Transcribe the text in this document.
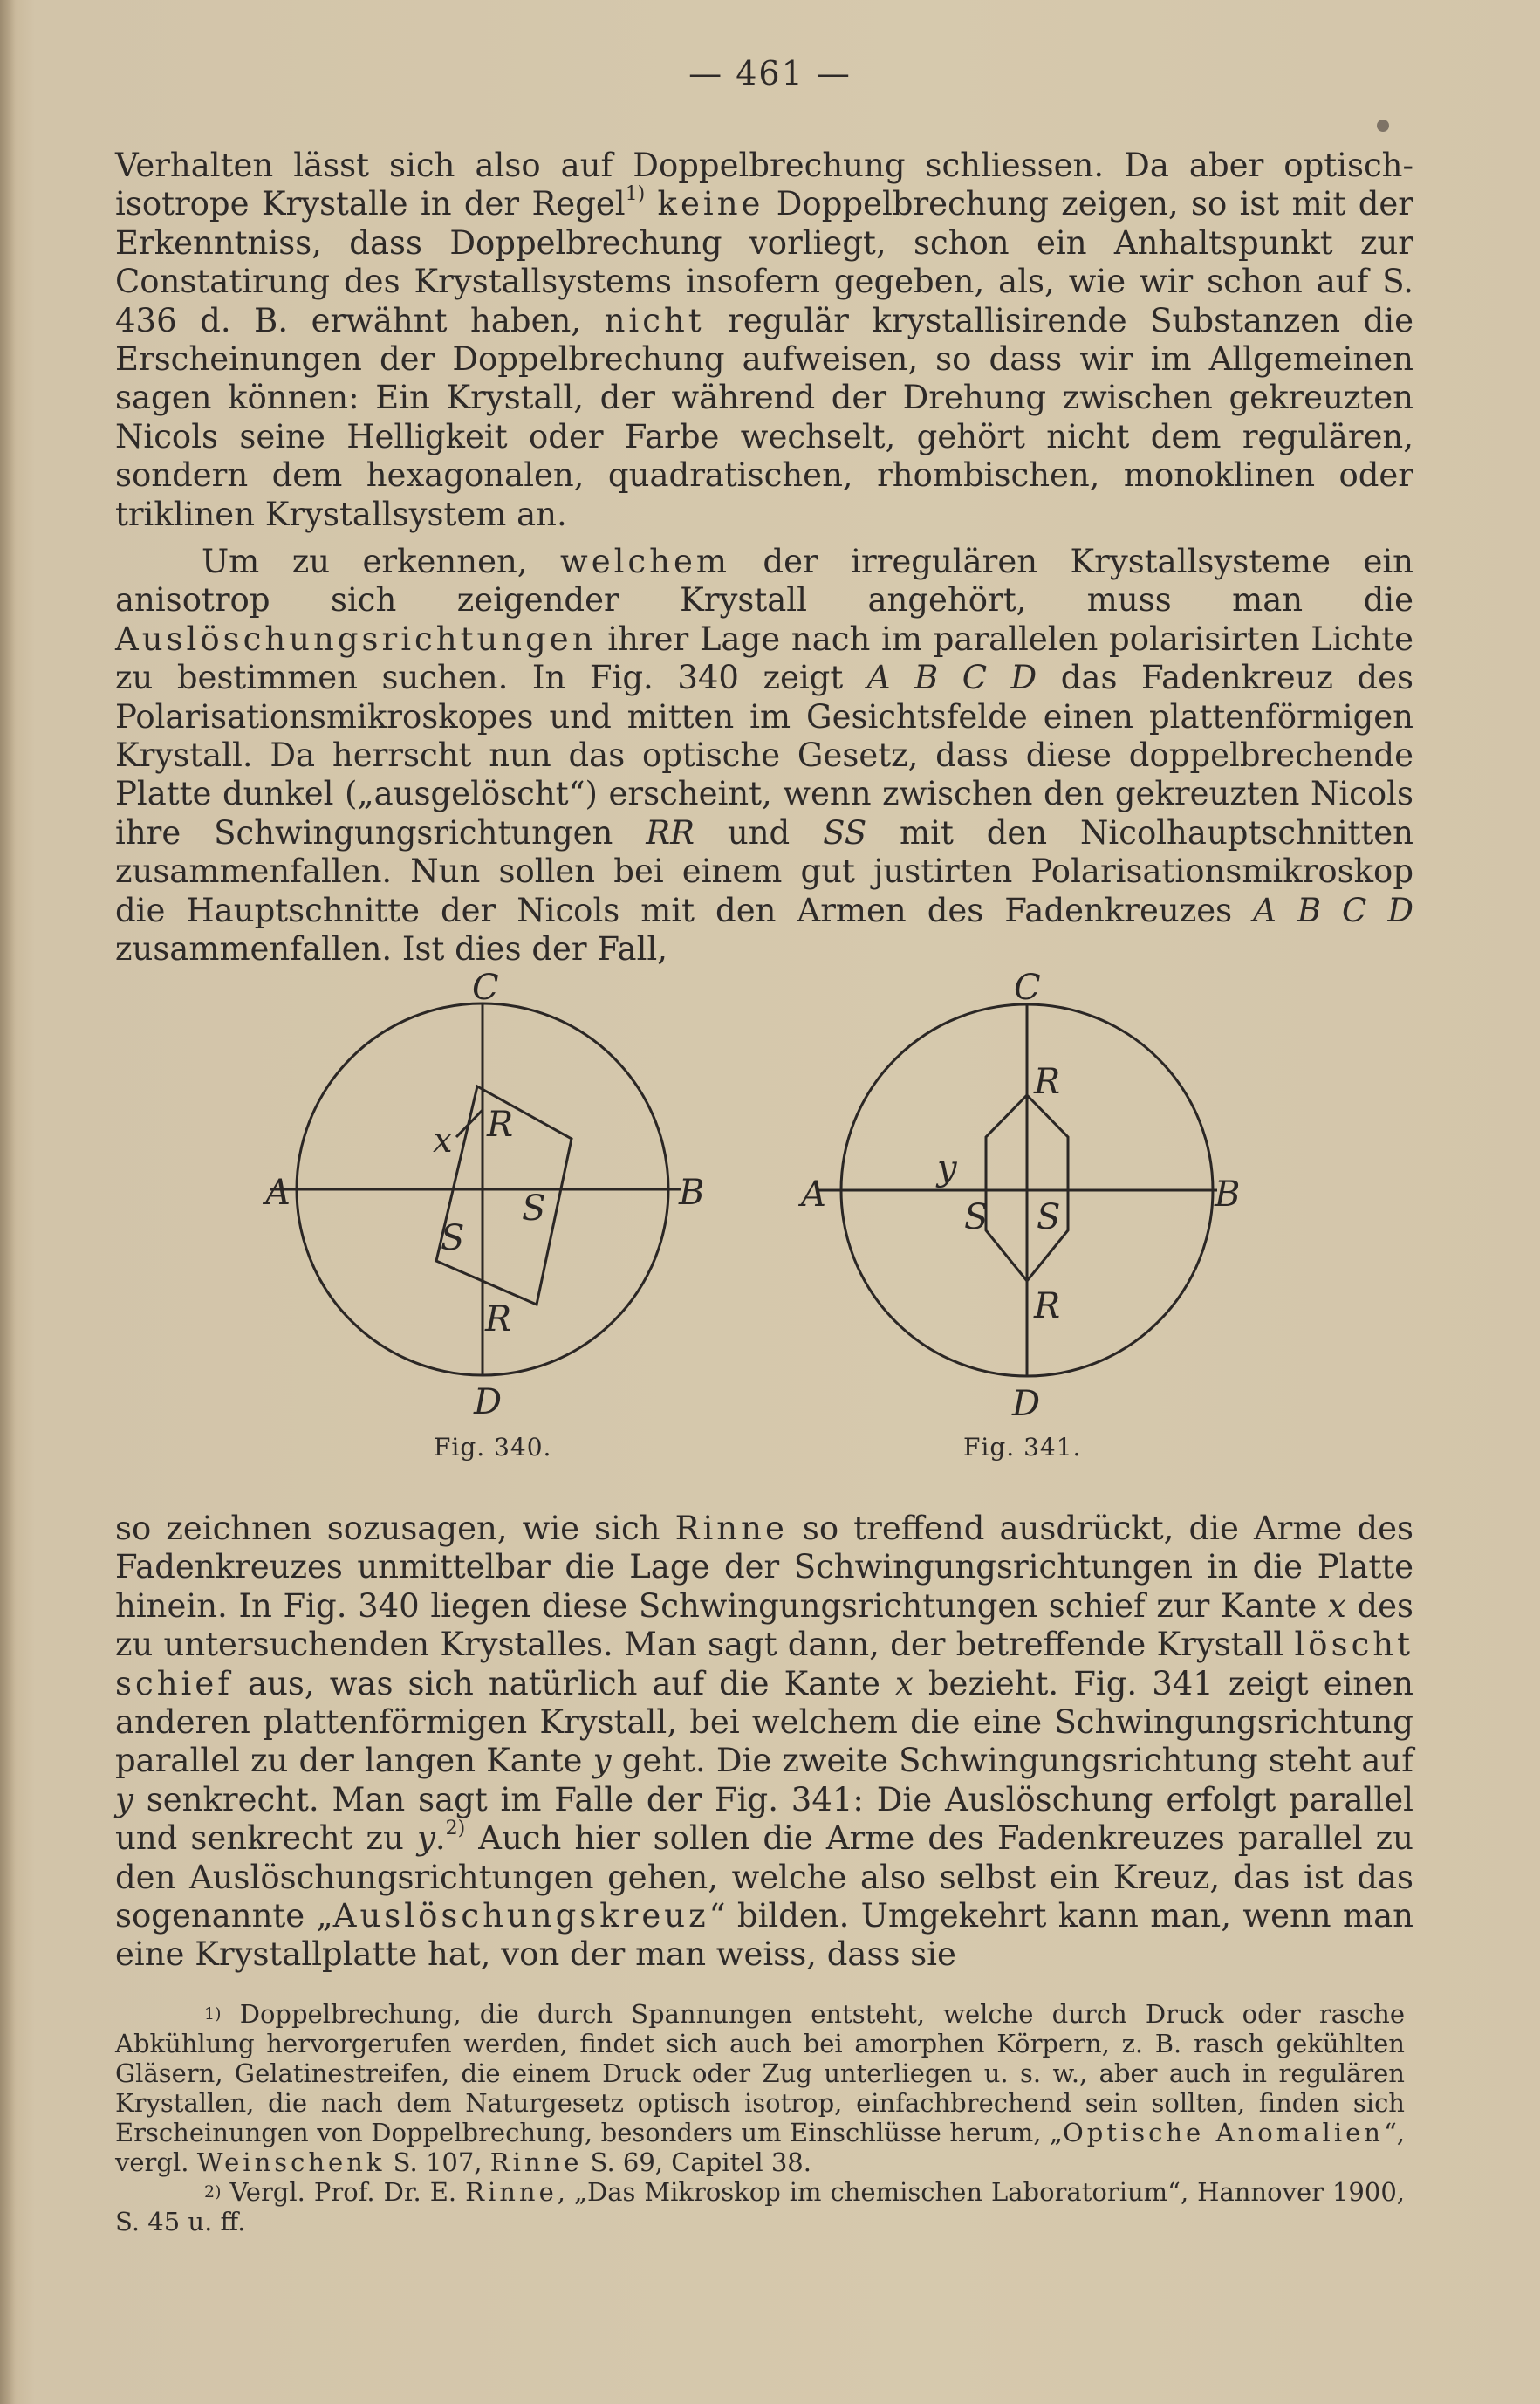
— 461 —

Verhalten lässt sich also auf Doppelbrechung schliessen. Da aber optisch-isotrope Krystalle in der Regel$^{1)}$ keine Doppelbrechung zeigen, so ist mit der Erkenntniss, dass Doppelbrechung vorliegt, schon ein Anhaltspunkt zur Constatirung des Krystallsystems insofern gegeben, als, wie wir schon auf S. 436 d. B. erwähnt haben, nicht regulär krystallisirende Substanzen die Erscheinungen der Doppelbrechung aufweisen, so dass wir im Allgemeinen sagen können: Ein Krystall, der während der Drehung zwischen gekreuzten Nicols seine Helligkeit oder Farbe wechselt, gehört nicht dem regulären, sondern dem hexagonalen, quadratischen, rhombischen, monoklinen oder triklinen Krystallsystem an.

Um zu erkennen, welchem der irregulären Krystallsysteme ein anisotrop sich zeigender Krystall angehört, muss man die Auslöschungsrichtungen ihrer Lage nach im parallelen polarisirten Lichte zu bestimmen suchen. In Fig. 340 zeigt A B C D das Fadenkreuz des Polarisationsmikroskopes und mitten im Gesichtsfelde einen plattenförmigen Krystall. Da herrscht nun das optische Gesetz, dass diese doppelbrechende Platte dunkel („ausgelöscht“) erscheint, wenn zwischen den gekreuzten Nicols ihre Schwingungsrichtungen RR und SS mit den Nicolhauptschnitten zusammenfallen. Nun sollen bei einem gut justirten Polarisationsmikroskop die Hauptschnitte der Nicols mit den Armen des Fadenkreuzes A B C D zusammenfallen. Ist dies der Fall,

C
D
A	B
x R
R
S
S
C
D
A	B
y
R
R
S S
Fig. 340.	Fig. 341.

so zeichnen sozusagen, wie sich Rinne so treffend ausdrückt, die Arme des Fadenkreuzes unmittelbar die Lage der Schwingungsrichtungen in die Platte hinein. In Fig. 340 liegen diese Schwingungsrichtungen schief zur Kante x des zu untersuchenden Krystalles. Man sagt dann, der betreffende Krystall löscht schief aus, was sich natürlich auf die Kante x bezieht. Fig. 341 zeigt einen anderen plattenförmigen Krystall, bei welchem die eine Schwingungsrichtung parallel zu der langen Kante y geht. Die zweite Schwingungsrichtung steht auf y senkrecht. Man sagt im Falle der Fig. 341: Die Auslöschung erfolgt parallel und senkrecht zu y.$^{2)}$ Auch hier sollen die Arme des Fadenkreuzes parallel zu den Auslöschungsrichtungen gehen, welche also selbst ein Kreuz, das ist das sogenannte „Auslöschungskreuz“ bilden. Umgekehrt kann man, wenn man eine Krystallplatte hat, von der man weiss, dass sie

$^{1)}$ Doppelbrechung, die durch Spannungen entsteht, welche durch Druck oder rasche Abkühlung hervorgerufen werden, findet sich auch bei amorphen Körpern, z. B. rasch gekühlten Gläsern, Gelatinestreifen, die einem Druck oder Zug unterliegen u. s. w., aber auch in regulären Krystallen, die nach dem Naturgesetz optisch isotrop, einfachbrechend sein sollten, finden sich Erscheinungen von Doppelbrechung, besonders um Einschlüsse herum, „Optische Anomalien“, vergl. Weinschenk S. 107, Rinne S. 69, Capitel 38.

$^{2)}$ Vergl. Prof. Dr. E. Rinne, „Das Mikroskop im chemischen Laboratorium“, Hannover 1900, S. 45 u. ff.
